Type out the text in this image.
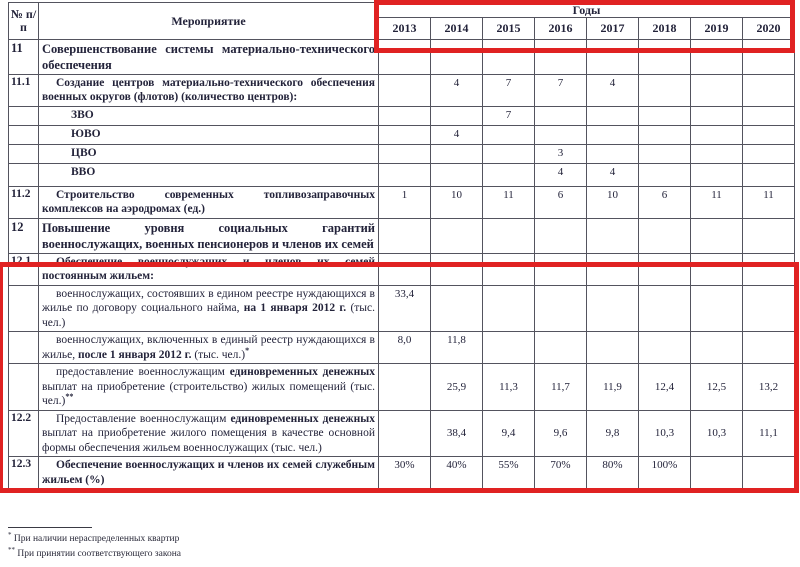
№ п/п	Мероприятие	Годы							
		2013	2014	2015	2016	2017	2018	2019	2020
11	Совершенствование системы материально-технического обеспечения								
11.1	Создание центров материально-технического обеспечения военных округов (флотов) (количество центров):		4	7	7	4			
	ЗВО			7					
	ЮВО		4						
	ЦВО				3				
	ВВО				4	4			
11.2	Строительство современных топливозаправочных комплексов на аэродромах (ед.)	1	10	11	6	10	6	11	11
12	Повышение уровня социальных гарантий военнослужащих, военных пенсионеров и членов их семей								
12.1	Обеспечение военнослужащих и членов их семей постоянным жильем:								
	военнослужащих, состоявших в едином реестре нуждающихся в жилье по договору социального найма, на 1 января 2012 г. (тыс. чел.)	33,4							
	военнослужащих, включенных в единый реестр нуждающихся в жилье, после 1 января 2012 г. (тыс. чел.)*	8,0	11,8						
	предоставление военнослужащим единовременных денежных выплат на приобретение (строительство) жилых помещений (тыс. чел.)**		25,9	11,3	11,7	11,9	12,4	12,5	13,2
12.2	Предоставление военнослужащим единовременных денежных выплат на приобретение жилого помещения в качестве основной формы обеспечения жильем военнослужащих (тыс. чел.)		38,4	9,4	9,6	9,8	10,3	10,3	11,1
12.3	Обеспечение военнослужащих и членов их семей служебным жильем (%)	30%	40%	55%	70%	80%	100%		
* При наличии нераспределенных квартир
** При принятии соответствующего закона
